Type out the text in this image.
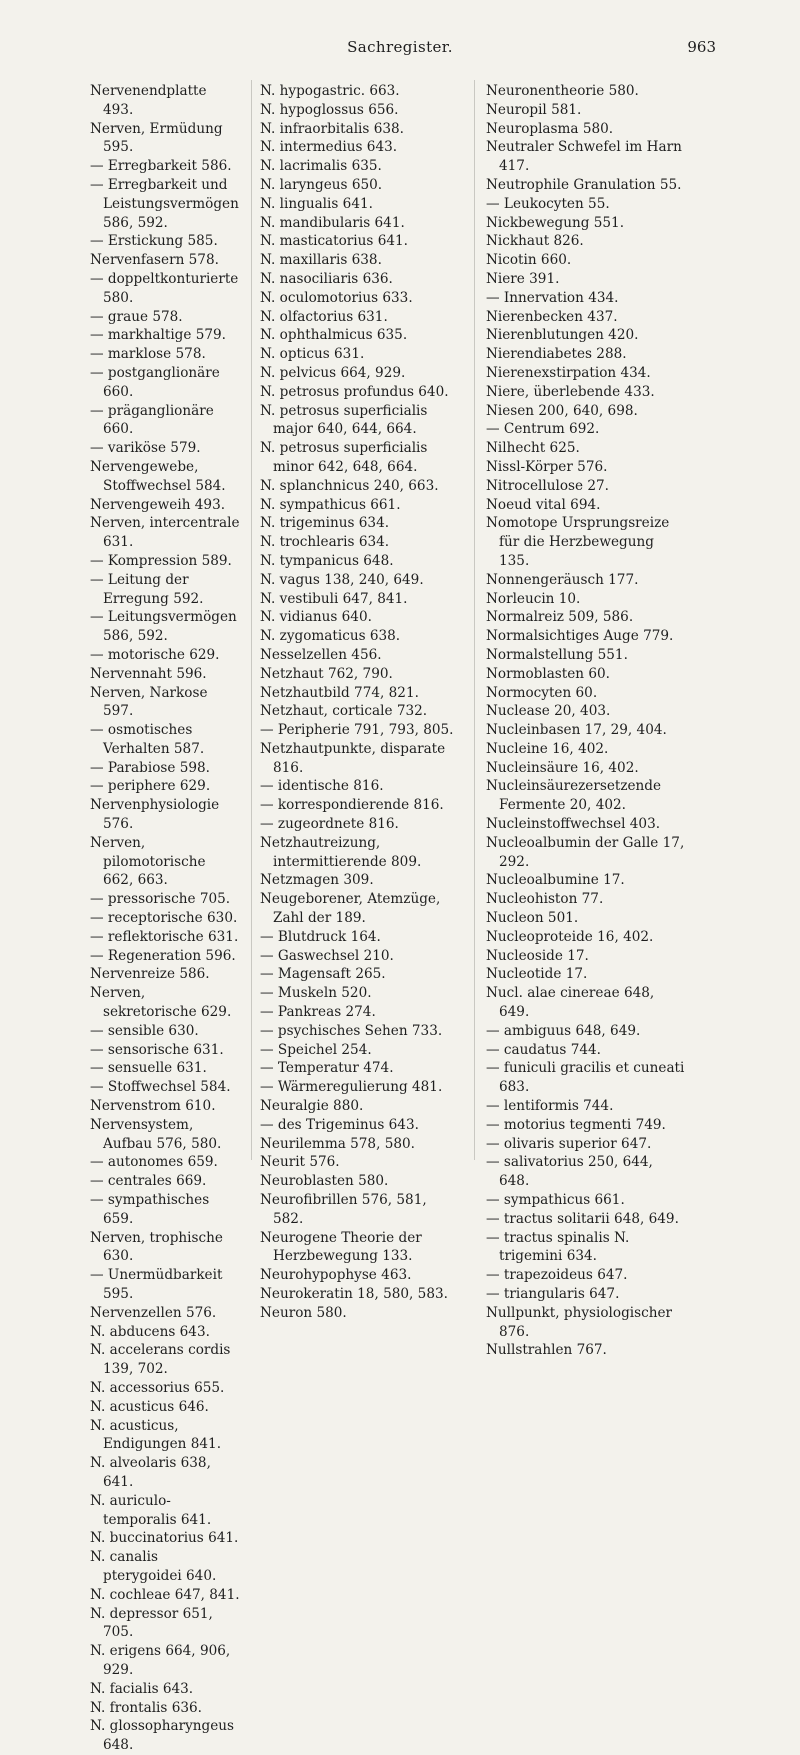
Sachregister.	963
Nervenendplatte 493.
Nerven, Ermüdung 595.
— Erregbarkeit 586.
— Erregbarkeit und Leistungsvermögen 586, 592.
— Erstickung 585.
Nervenfasern 578.
— doppeltkonturierte 580.
— graue 578.
— markhaltige 579.
— marklose 578.
— postganglionäre 660.
— präganglionäre 660.
— variköse 579.
Nervengewebe, Stoffwechsel 584.
Nervengeweih 493.
Nerven, intercentrale 631.
— Kompression 589.
— Leitung der Erregung 592.
— Leitungsvermögen 586, 592.
— motorische 629.
Nervennaht 596.
Nerven, Narkose 597.
— osmotisches Verhalten 587.
— Parabiose 598.
— periphere 629.
Nervenphysiologie 576.
Nerven, pilomotorische 662, 663.
— pressorische 705.
— receptorische 630.
— reflektorische 631.
— Regeneration 596.
Nervenreize 586.
Nerven, sekretorische 629.
— sensible 630.
— sensorische 631.
— sensuelle 631.
— Stoffwechsel 584.
Nervenstrom 610.
Nervensystem, Aufbau 576, 580.
— autonomes 659.
— centrales 669.
— sympathisches 659.
Nerven, trophische 630.
— Unermüdbarkeit 595.
Nervenzellen 576.
N. abducens 643.
N. accelerans cordis 139, 702.
N. accessorius 655.
N. acusticus 646.
N. acusticus, Endigungen 841.
N. alveolaris 638, 641.
N. auriculo-temporalis 641.
N. buccinatorius 641.
N. canalis pterygoidei 640.
N. cochleae 647, 841.
N. depressor 651, 705.
N. erigens 664, 906, 929.
N. facialis 643.
N. frontalis 636.
N. glossopharyngeus 648.
N. hypogastric. 663.
N. hypoglossus 656.
N. infraorbitalis 638.
N. intermedius 643.
N. lacrimalis 635.
N. laryngeus 650.
N. lingualis 641.
N. mandibularis 641.
N. masticatorius 641.
N. maxillaris 638.
N. nasociliaris 636.
N. oculomotorius 633.
N. olfactorius 631.
N. ophthalmicus 635.
N. opticus 631.
N. pelvicus 664, 929.
N. petrosus profundus 640.
N. petrosus superficialis major 640, 644, 664.
N. petrosus superficialis minor 642, 648, 664.
N. splanchnicus 240, 663.
N. sympathicus 661.
N. trigeminus 634.
N. trochlearis 634.
N. tympanicus 648.
N. vagus 138, 240, 649.
N. vestibuli 647, 841.
N. vidianus 640.
N. zygomaticus 638.
Nesselzellen 456.
Netzhaut 762, 790.
Netzhautbild 774, 821.
Netzhaut, corticale 732.
— Peripherie 791, 793, 805.
Netzhautpunkte, disparate 816.
— identische 816.
— korrespondierende 816.
— zugeordnete 816.
Netzhautreizung, intermittierende 809.
Netzmagen 309.
Neugeborener, Atemzüge, Zahl der 189.
— Blutdruck 164.
— Gaswechsel 210.
— Magensaft 265.
— Muskeln 520.
— Pankreas 274.
— psychisches Sehen 733.
— Speichel 254.
— Temperatur 474.
— Wärmeregulierung 481.
Neuralgie 880.
— des Trigeminus 643.
Neurilemma 578, 580.
Neurit 576.
Neuroblasten 580.
Neurofibrillen 576, 581, 582.
Neurogene Theorie der Herzbewegung 133.
Neurohypophyse 463.
Neurokeratin 18, 580, 583.
Neuron 580.
Neuronentheorie 580.
Neuropil 581.
Neuroplasma 580.
Neutraler Schwefel im Harn 417.
Neutrophile Granulation 55.
— Leukocyten 55.
Nickbewegung 551.
Nickhaut 826.
Nicotin 660.
Niere 391.
— Innervation 434.
Nierenbecken 437.
Nierenblutungen 420.
Nierendiabetes 288.
Nierenexstirpation 434.
Niere, überlebende 433.
Niesen 200, 640, 698.
— Centrum 692.
Nilhecht 625.
Nissl-Körper 576.
Nitrocellulose 27.
Noeud vital 694.
Nomotope Ursprungsreize für die Herzbewegung 135.
Nonnengeräusch 177.
Norleucin 10.
Normalreiz 509, 586.
Normalsichtiges Auge 779.
Normalstellung 551.
Normoblasten 60.
Normocyten 60.
Nuclease 20, 403.
Nucleinbasen 17, 29, 404.
Nucleine 16, 402.
Nucleinsäure 16, 402.
Nucleinsäurezersetzende Fermente 20, 402.
Nucleinstoffwechsel 403.
Nucleoalbumin der Galle 17, 292.
Nucleoalbumine 17.
Nucleohiston 77.
Nucleon 501.
Nucleoproteide 16, 402.
Nucleoside 17.
Nucleotide 17.
Nucl. alae cinereae 648, 649.
— ambiguus 648, 649.
— caudatus 744.
— funiculi gracilis et cuneati 683.
— lentiformis 744.
— motorius tegmenti 749.
— olivaris superior 647.
— salivatorius 250, 644, 648.
— sympathicus 661.
— tractus solitarii 648, 649.
— tractus spinalis N. trigemini 634.
— trapezoideus 647.
— triangularis 647.
Nullpunkt, physiologischer 876.
Nullstrahlen 767.
